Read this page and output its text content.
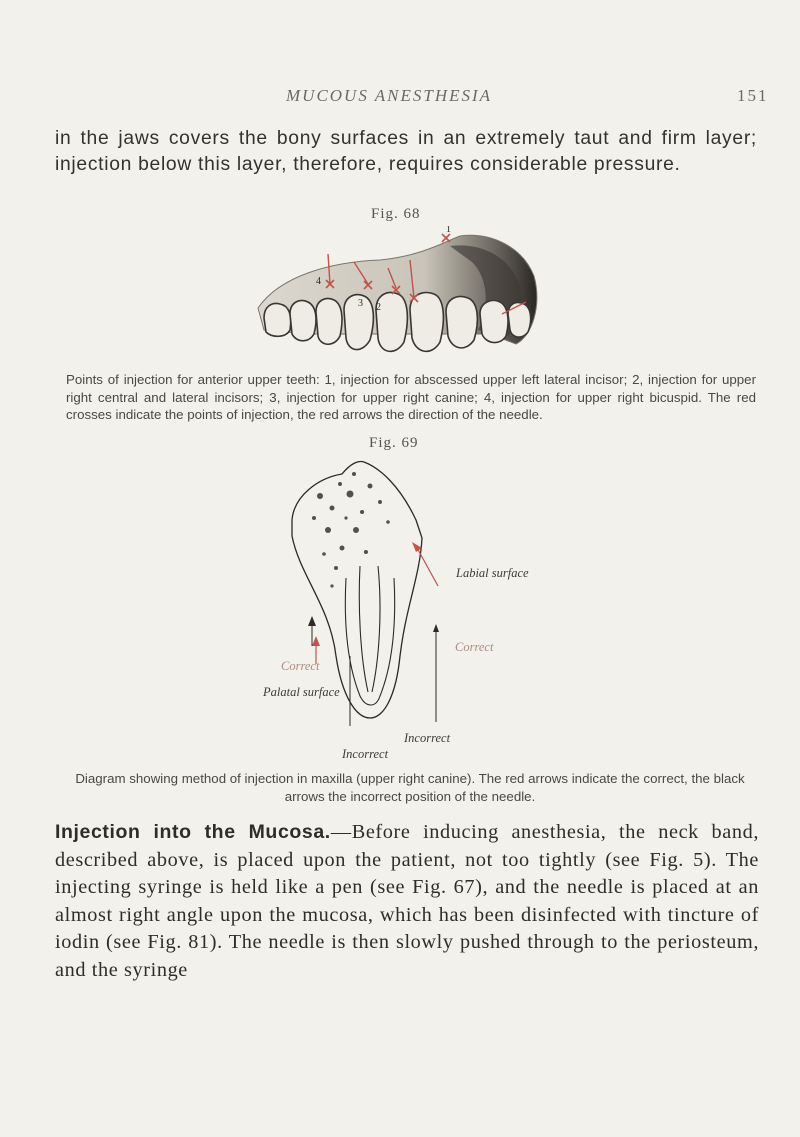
MUCOUS ANESTHESIA	151

in the jaws covers the bony surfaces in an extremely taut and firm layer; injection below this layer, therefore, requires considerable pressure.

Fig. 68
1
2
3
4

Points of injection for anterior upper teeth: 1, injection for abscessed upper left lateral incisor; 2, injection for upper right central and lateral incisors; 3, injection for upper right canine; 4, injection for upper right bicuspid. The red crosses indicate the points of injection, the red arrows the direction of the needle.

Fig. 69
Labial surface
Correct
Correct
Palatal surface
Incorrect
Incorrect

Diagram showing method of injection in maxilla (upper right canine). The red arrows indicate the correct, the black arrows the incorrect position of the needle.

Injection into the Mucosa.—Before inducing anesthesia, the neck band, described above, is placed upon the patient, not too tightly (see Fig. 5). The injecting syringe is held like a pen (see Fig. 67), and the needle is placed at an almost right angle upon the mucosa, which has been disinfected with tincture of iodin (see Fig. 81). The needle is then slowly pushed through to the periosteum, and the syringe
